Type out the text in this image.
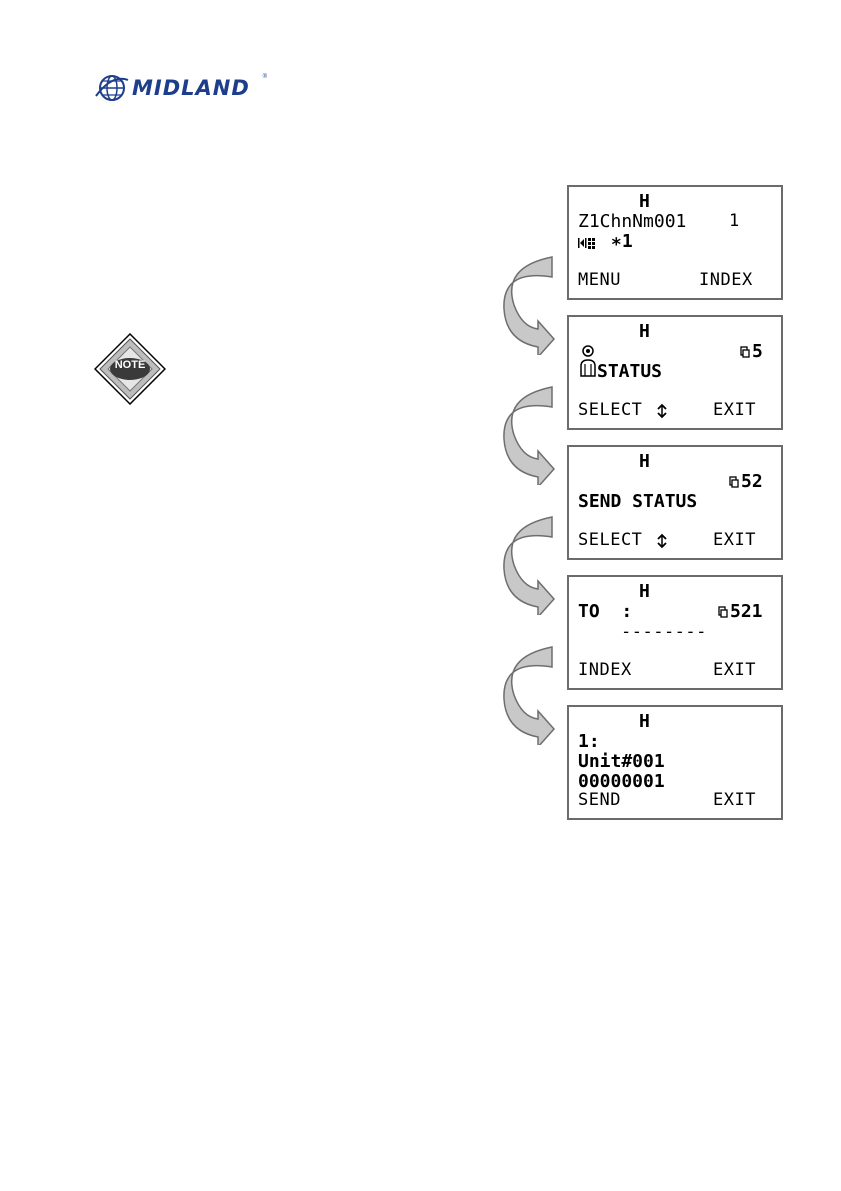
MIDLAND ®
NOTE
H
Z1ChnNm001	1
∗1
MENU	INDEX
H
5
STATUS
SELECT	EXIT
H
52
SEND STATUS
SELECT	EXIT
H
TO  :	521
--------
INDEX	EXIT
H
1:
Unit#001
00000001
SEND	EXIT
